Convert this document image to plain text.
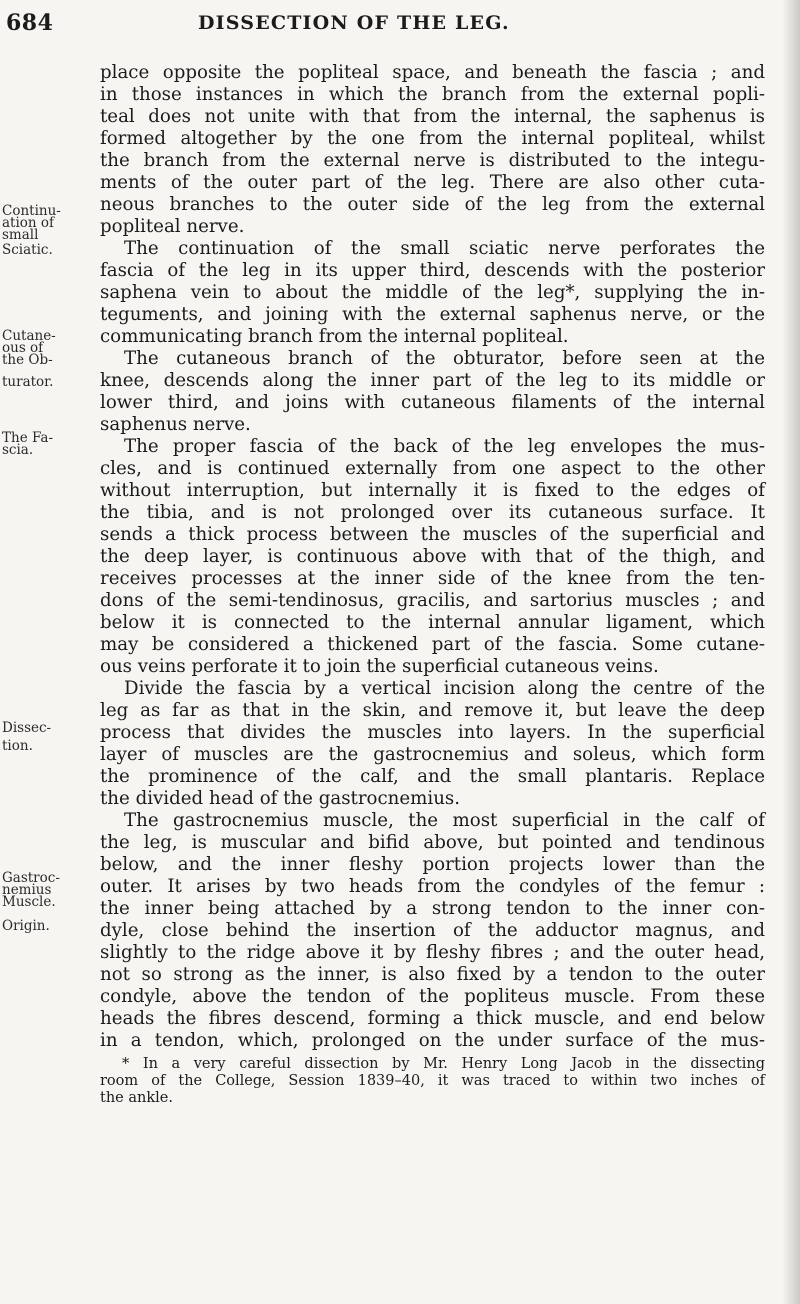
684	DISSECTION OF THE LEG.
Continu-
ation of
small
Sciatic.
Cutane-
ous of
the Ob-
turator.
The Fa-
scia.
Dissec-
tion.
Gastroc-
nemius
Muscle.
Origin.
place opposite the popliteal space, and beneath the fascia ; and
in those instances in which the branch from the external popli-
teal does not unite with that from the internal, the saphenus is
formed altogether by the one from the internal popliteal, whilst
the branch from the external nerve is distributed to the integu-
ments of the outer part of the leg. There are also other cuta-
neous branches to the outer side of the leg from the external
popliteal nerve.
The continuation of the small sciatic nerve perforates the
fascia of the leg in its upper third, descends with the posterior
saphena vein to about the middle of the leg*, supplying the in-
teguments, and joining with the external saphenus nerve, or the
communicating branch from the internal popliteal.
The cutaneous branch of the obturator, before seen at the
knee, descends along the inner part of the leg to its middle or
lower third, and joins with cutaneous filaments of the internal
saphenus nerve.
The proper fascia of the back of the leg envelopes the mus-
cles, and is continued externally from one aspect to the other
without interruption, but internally it is fixed to the edges of
the tibia, and is not prolonged over its cutaneous surface. It
sends a thick process between the muscles of the superficial and
the deep layer, is continuous above with that of the thigh, and
receives processes at the inner side of the knee from the ten-
dons of the semi-tendinosus, gracilis, and sartorius muscles ; and
below it is connected to the internal annular ligament, which
may be considered a thickened part of the fascia. Some cutane-
ous veins perforate it to join the superficial cutaneous veins.
Divide the fascia by a vertical incision along the centre of the
leg as far as that in the skin, and remove it, but leave the deep
process that divides the muscles into layers. In the superficial
layer of muscles are the gastrocnemius and soleus, which form
the prominence of the calf, and the small plantaris. Replace
the divided head of the gastrocnemius.
The gastrocnemius muscle, the most superficial in the calf of
the leg, is muscular and bifid above, but pointed and tendinous
below, and the inner fleshy portion projects lower than the
outer. It arises by two heads from the condyles of the femur :
the inner being attached by a strong tendon to the inner con-
dyle, close behind the insertion of the adductor magnus, and
slightly to the ridge above it by fleshy fibres ; and the outer head,
not so strong as the inner, is also fixed by a tendon to the outer
condyle, above the tendon of the popliteus muscle. From these
heads the fibres descend, forming a thick muscle, and end below
in a tendon, which, prolonged on the under surface of the mus-
* In a very careful dissection by Mr. Henry Long Jacob in the dissecting
room of the College, Session 1839–40, it was traced to within two inches of
the ankle.
